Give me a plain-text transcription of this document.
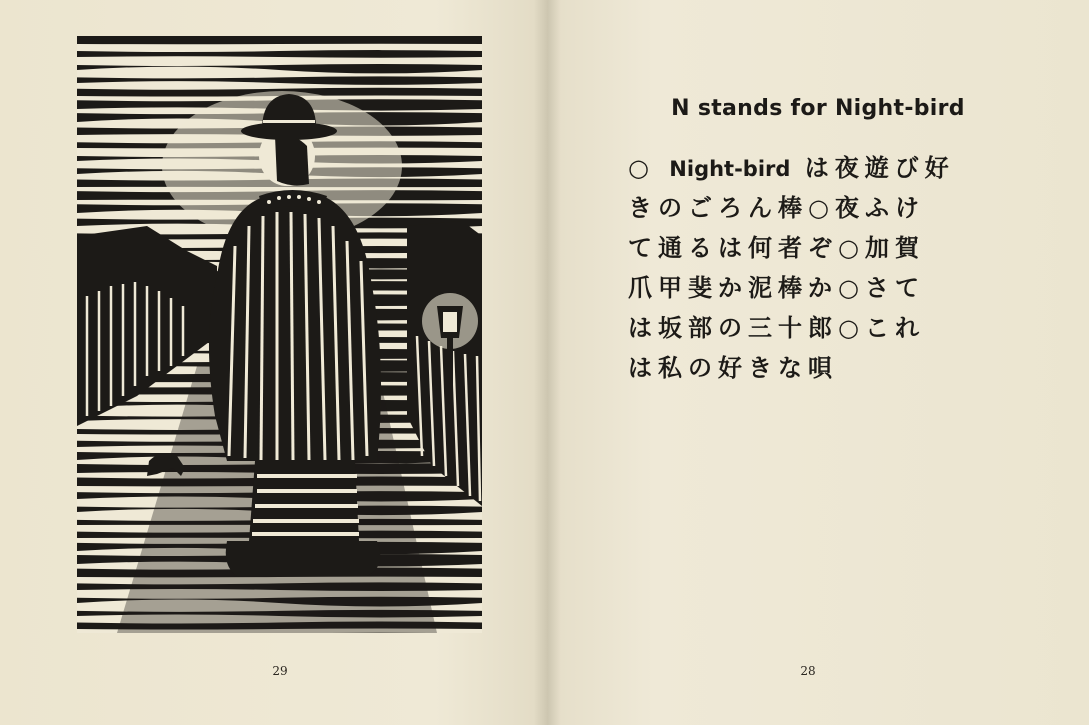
29
N stands for Night-bird
○ Night-bird は夜遊び好
きのごろん棒○夜ふけ
て通るは何者ぞ○加賀
爪甲斐か泥棒か○さて
は坂部の三十郎○これ
は私の好きな唄
28
